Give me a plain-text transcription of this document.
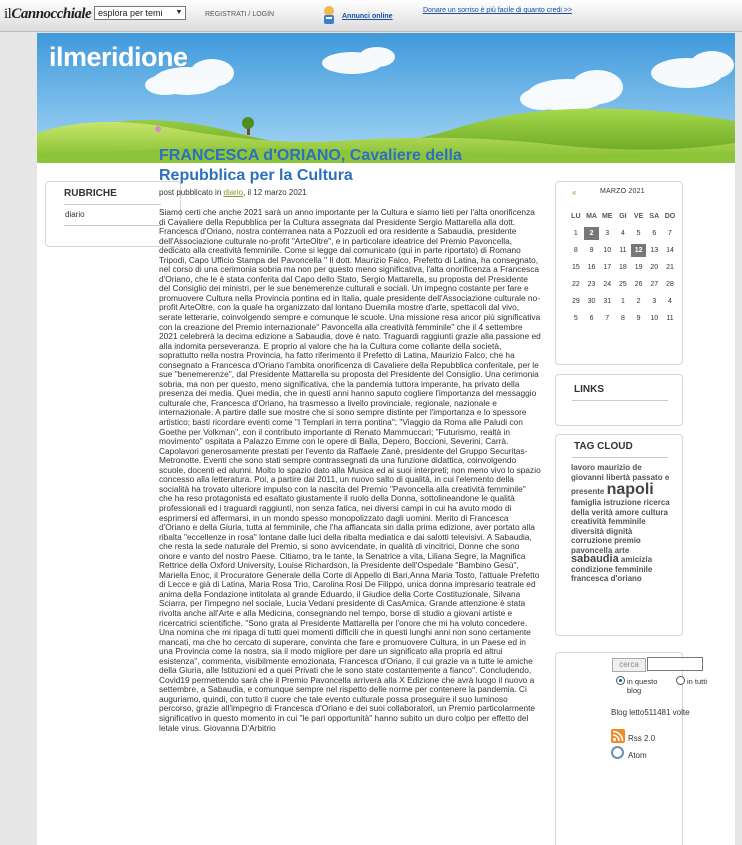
ilCannocchiale esplora per temi ▼	REGISTRATI / LOGIN	Annunci online
Donare un sorriso è più facile di quanto credi >>
ilmeridione
RUBRICHE
diario
FRANCESCA d'ORIANO, Cavaliere della Repubblica per la Cultura
post pubblicato in diario, il 12 marzo 2021
Siamo certi che anche 2021 sarà un anno importante per la Cultura e siamo lieti per l'alta onorificenza di Cavaliere della Repubblica per la Cultura assegnata dal Presidente Sergio Mattarella alla dott. Francesca d'Oriano, nostra conterranea nata a Pozzuoli ed ora residente a Sabaudia, presidente dell'Associazione culturale no-profit "ArteOltre", e in particolare ideatrice del Premio Pavoncella, dedicato alla creatività femminile. Come si legge dal comunicato (qui in parte riportato) di Romano Tripodi, Capo Ufficio Stampa del Pavoncella " Il dott. Maurizio Falco, Prefetto di Latina, ha consegnato, nel corso di una cerimonia sobria ma non per questo meno significativa, l'alta onorificenza a Francesca d'Oriano, che le è stata conferita dal Capo dello Stato, Sergio Mattarella, su proposta del Presidente del Consiglio dei ministri, per le sue benemerenze culturali e sociali. Un impegno costante per fare e promuovere Cultura nella Provincia pontina ed in Italia, quale presidente dell'Associazione culturale no-profit ArteOltre, con la quale ha organizzato dal lontano Duemila mostre d'arte, spettacoli dal vivo, serate letterarie, coinvolgendo sempre e comunque le scuole. Una missione resa ancor più significativa con la creazione del Premio internazionale" Pavoncella alla creatività femminile" che il 4 settembre 2021 celebrerà la decima edizione a Sabaudia, dove è nato. Traguardi raggiunti grazie alla passione ed alla indomita perseveranza. E proprio al valore che ha la Cultura come collante della società, soprattutto nella nostra Provincia, ha fatto riferimento il Prefetto di Latina, Maurizio Falco, che ha consegnato a Francesca d'Oriano l'ambita onorificenza di Cavaliere della Repubblica conferitale, per le sue "benemerenze", dal Presidente Mattarella su proposta del Presidente del Consiglio. Una cerimonia sobria, ma non per questo, meno significativa, che la pandemia tuttora imperante, ha privato della presenza dei media. Quei media, che in questi anni hanno saputo cogliere l'importanza del messaggio culturale che, Francesca d'Oriano, ha trasmesso a livello provinciale, regionale, nazionale e internazionale. A partire dalle sue mostre che si sono sempre distinte per l'importanza e lo spessore artistico; basti ricordare eventi come "I Templari in terra pontina"; "Viaggio da Roma alle Paludi con Goethe per Volkman", con il contributo importante di Renato Mammuccari; "Futurismo, realtà in movimento" ospitata a Palazzo Emme con le opere di Balla, Depero, Boccioni, Severini, Carrà. Capolavori generosamente prestati per l'evento da Raffaele Zanè, presidente del Gruppo Securitas-Metronotte. Eventi che sono stati sempre contrassegnati da una funzione didattica, coinvolgendo scuole, docenti ed alunni. Molto lo spazio dato alla Musica ed ai suoi interpreti; non meno vivo lo spazio concesso alla letteratura. Poi, a partire dal 2011, un nuovo salto di qualità, in cui l'elemento della socialità ha trovato ulteriore impulso con la nascita del Premio "Pavoncella alla creatività femminile" che ha reso protagonista ed esaltato giustamente il ruolo della Donna, sottolineandone le qualità professionali ed i traguardi raggiunti, non senza fatica, nei diversi campi in cui ha avuto modo di esprimersi ed affermarsi, in un mondo spesso monopolizzato dagli uomini. Merito di Francesca d'Oriano e della Giuria, tutta al femminile, che l'ha affiancata sin dalla prima edizione, aver portato alla ribalta "eccellenze in rosa" lontane dalle luci della ribalta mediatica e dai salotti televisivi. A Sabaudia, che resta la sede naturale del Premio, si sono avvicendate, in qualità di vincitrici, Donne che sono onore e vanto del nostro Paese. Citiamo, tra le tante, la Senatrice a vita, Liliana Segre, la Magnifica Rettrice della Oxford University, Louise Richardson, la Presidente dell'Ospedale "Bambino Gesù", Mariella Enoc, il Procuratore Generale della Corte di Appello di Bari,Anna Maria Tosto, l'attuale Prefetto di Lecce e già di Latina, Maria Rosa Trio, Carolina Rosi De Filippo, unica donna impresario teatrale ed anima della Fondazione intitolata al grande Eduardo, il Giudice della Corte Costituzionale, Silvana Sciarra, per l'impegno nel sociale, Lucia Vedani presidente di CasAmica. Grande attenzione è stata rivolta anche all'Arte e alla Medicina, consegnando nel tempo, borse di studio a giovani artiste e ricercatrici scientifiche. "Sono grata al Presidente Mattarella per l'onore che mi ha voluto concedere. Una nomina che mi ripaga di tutti quei momenti difficili che in questi lunghi anni non sono certamente mancati, ma che ho cercato di superare, convinta che fare e promuovere Cultura, in un Paese ed in una Provincia come la nostra, sia il modo migliore per dare un significato alla propria ed altrui esistenza", commenta, visibilmente emozionata, Francesca d'Oriano, il cui grazie va a tutte le amiche della Giuria, alle Istituzioni ed a quei Privati che le sono state costantemente a fianco". Concludendo, Covid19 permettendo sarà che il Premio Pavoncella arriverà alla X Edizione che avrà luogo il nuovo a settembre, a Sabaudia, e comunque sempre nel rispetto delle norme per contenere la pandemia. Ci auguriamo, quindi, con tutto il cuore che tale evento culturale possa proseguire il suo luminoso percorso, grazie all'impegno di Francesca d'Oriano e dei suoi collaboratori, un Premio particolarmente significativo in questo momento in cui "le pari opportunità" hanno subito un duro colpo per effetto del letale virus. Giovanna D'Arbitrio
«	MARZO 2021
LU MA ME GI	VE SA DO
1	2	3	4	5	6	7
8	9	10	11	12	13	14
15	16	17	18	19	20	21
22	23	24	25	26	27	28
29	30	31	1	2	3	4
5	6	7	8	9	10	11
LINKS
TAG CLOUD
lavoro maurizio de giovanni libertà passato e presente napoli famiglia istruzione ricerca della verità amore cultura creatività femminile diversità dignità corruzione premio pavoncella arte sabaudia amicizia condizione femminile francesca d'oriano
cerca
in questo blog
in tutti
Blog letto511481 volte
Rss 2.0
Atom
